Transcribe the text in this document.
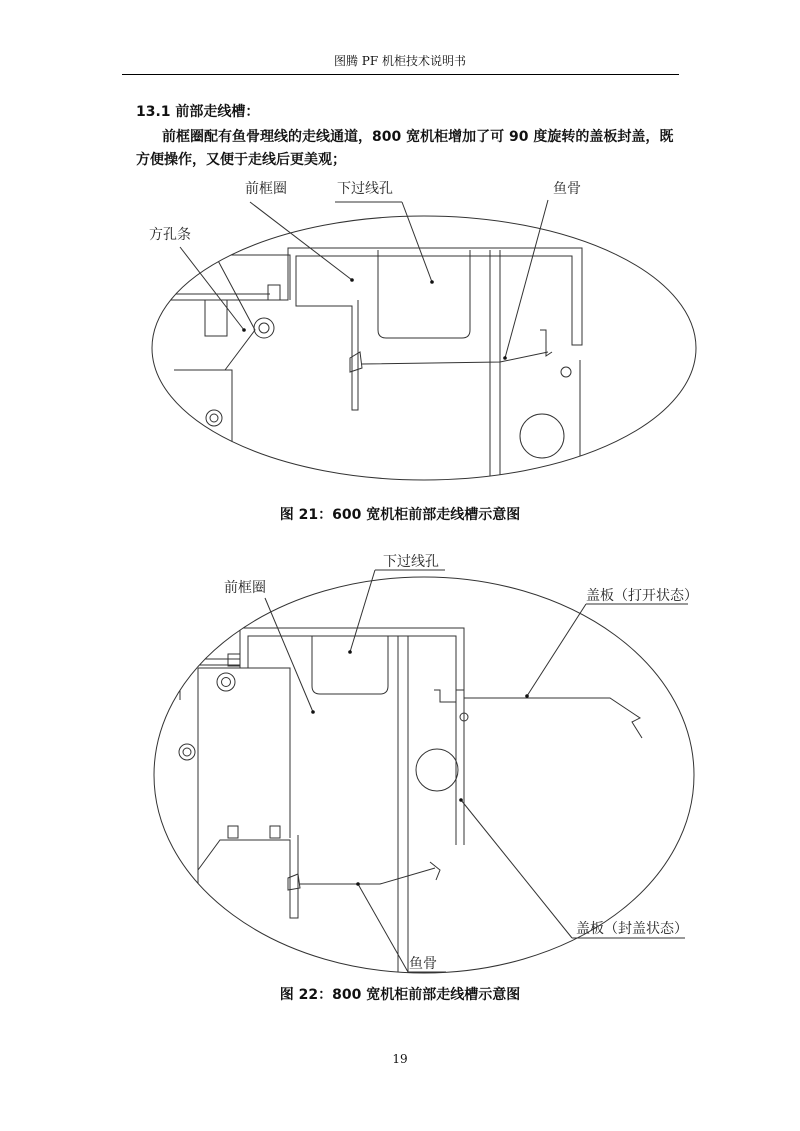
图腾 PF 机柜技术说明书
13.1 前部走线槽：
前框圈配有鱼骨理线的走线通道，800 宽机柜增加了可 90 度旋转的盖板封盖，既方便操作，又便于走线后更美观；
前框圈	下过线孔	鱼骨
方孔条
图 21：600 宽机柜前部走线槽示意图
下过线孔
前框圈	盖板（打开状态）
盖板（封盖状态）
鱼骨
图 22：800 宽机柜前部走线槽示意图
19
